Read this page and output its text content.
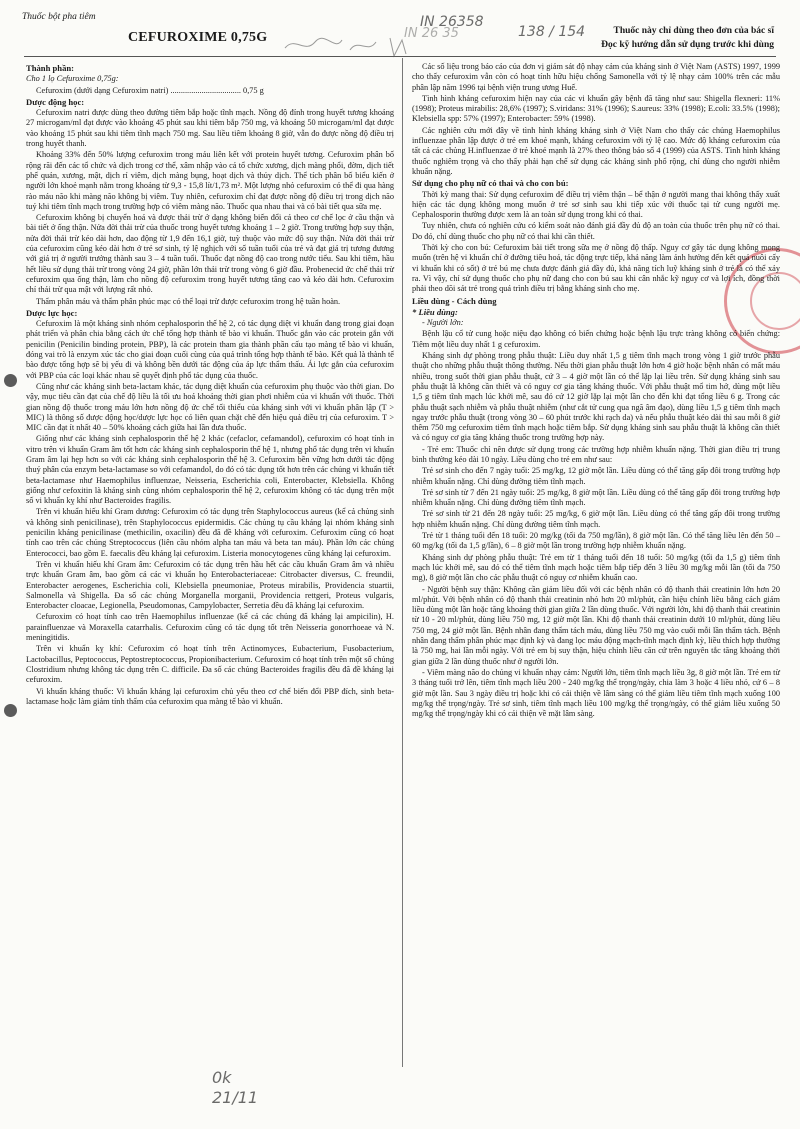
Thuốc bột pha tiêm
CEFUROXIME 0,75G	Thuốc này chỉ dùng theo đơn của bác sĩ
Đọc kỹ hướng dẫn sử dụng trước khi dùng
IN 26358
IN 26 35	138 / 154
0k 21/11
Thành phần:

Cho 1 lọ Cefuroxime 0,75g:

Cefuroxim (dưới dạng Cefuroxim natri) .................................. 0,75 g

Dược động học:

Cefuroxim natri được dùng theo đường tiêm bắp hoặc tĩnh mạch. Nồng độ đỉnh trong huyết tương khoảng 27 microgam/ml đạt được vào khoảng 45 phút sau khi tiêm bắp 750 mg, và khoảng 50 microgam/ml đạt được vào khoảng 15 phút sau khi tiêm tĩnh mạch 750 mg. Sau liều tiêm khoảng 8 giờ, vẫn đo được nồng độ điều trị trong huyết thanh.

Khoảng 33% đến 50% lượng cefuroxim trong máu liên kết với protein huyết tương. Cefuroxim phân bố rộng rãi đến các tổ chức và dịch trong cơ thể, xâm nhập vào cả tổ chức xương, dịch màng phổi, đờm, dịch tiết phế quản, xương, mật, dịch rỉ viêm, dịch màng bụng, hoạt dịch và thủy dịch. Thể tích phân bố biểu kiến ở người lớn khoẻ mạnh nằm trong khoảng từ 9,3 - 15,8 lít/1,73 m². Một lượng nhỏ cefuroxim có thể đi qua hàng rào máu não khi màng não không bị viêm. Tuy nhiên, cefuroxim chỉ đạt được nồng độ điều trị trong dịch não tuỷ khi tiêm tĩnh mạch trong trường hợp có viêm màng não. Thuốc qua nhau thai và có bài tiết qua sữa mẹ.

Cefuroxim không bị chuyển hoá và được thải trừ ở dạng không biến đổi cả theo cơ chế lọc ở cầu thận và bài tiết ở ống thận. Nửa đời thải trừ của thuốc trong huyết tương khoảng 1 – 2 giờ. Trong trường hợp suy thận, nửa đời thải trừ kéo dài hơn, dao động từ 1,9 đến 16,1 giờ, tuỳ thuộc vào mức độ suy thận. Nửa đời thải trừ của cefuroxim cũng kéo dài hơn ở trẻ sơ sinh, tỷ lệ nghịch với số tuần tuổi của trẻ và đạt giá trị tương đương với giá trị ở người trưởng thành sau 3 – 4 tuần tuổi. Thuốc đạt nồng độ cao trong nước tiểu. Sau khi tiêm, hầu hết liều sử dụng thải trừ trong vòng 24 giờ, phần lớn thải trừ trong vòng 6 giờ đầu. Probenecid ức chế thải trừ cefuroxim qua ống thận, làm cho nồng độ cefuroxim trong huyết tương tăng cao và kéo dài hơn. Cefuroxim chỉ thải trừ qua mật với lượng rất nhỏ.

Thẩm phân máu và thẩm phân phúc mạc có thể loại trừ được cefuroxim trong hệ tuần hoàn.

Dược lực học:

Cefuroxim là một kháng sinh nhóm cephalosporin thế hệ 2, có tác dụng diệt vi khuẩn đang trong giai đoạn phát triển và phân chia bằng cách ức chế tổng hợp thành tế bào vi khuẩn. Thuốc gắn vào các protein gắn với penicilin (Penicilin binding protein, PBP), là các protein tham gia thành phần cấu tạo màng tế bào vi khuẩn, đóng vai trò là enzym xúc tác cho giai đoạn cuối cùng của quá trình tổng hợp thành tế bào. Kết quả là thành tế bào được tổng hợp sẽ bị yếu đi và không bền dưới tác động của áp lực thẩm thấu. Ái lực gắn của cefuroxim với PBP của các loại khác nhau sẽ quyết định phổ tác dụng của thuốc.

Cũng như các kháng sinh beta-lactam khác, tác dụng diệt khuẩn của cefuroxim phụ thuộc vào thời gian. Do vậy, mục tiêu cần đạt của chế độ liều là tối ưu hoá khoảng thời gian phơi nhiễm của vi khuẩn với thuốc. Thời gian nồng độ thuốc trong máu lớn hơn nồng độ ức chế tối thiểu của kháng sinh với vi khuẩn phân lập (T > MIC) là thông số được động học/dược lực học có liên quan chặt chẽ đến hiệu quả điều trị của cefuroxim. T > MIC cần đạt ít nhất 40 – 50% khoảng cách giữa hai lần đưa thuốc.

Giống như các kháng sinh cephalosporin thế hệ 2 khác (cefaclor, cefamandol), cefuroxim có hoạt tính in vitro trên vi khuẩn Gram âm tốt hơn các kháng sinh cephalosporin thế hệ 1, nhưng phổ tác dụng trên vi khuẩn Gram âm lại hẹp hơn so với các kháng sinh cephalosporin thế hệ 3. Cefuroxim bền vững hơn dưới tác động thuỷ phân của enzym beta-lactamase so với cefamandol, do đó có tác dụng tốt hơn trên các chủng vi khuẩn tiết beta-lactamase như Haemophilus influenzae, Neisseria, Escherichia coli, Enterobacter, Klebsiella. Không giống như cefoxitin là kháng sinh cùng nhóm cephalosporin thế hệ 2, cefuroxim không có tác dụng trên một số vi khuẩn kỵ khí như Bacteroides fragilis.

Trên vi khuẩn hiếu khí Gram dương: Cefuroxim có tác dụng trên Staphylococcus aureus (kể cả chủng sinh và không sinh penicilinase), trên Staphylococcus epidermidis. Các chủng tụ cầu kháng lại nhóm kháng sinh penicilin kháng penicilinase (methicilin, oxacilin) đều đã đề kháng với cefuroxim. Cefuroxim cũng có hoạt tính cao trên các chủng Streptococcus (liên cầu nhóm alpha tan máu và beta tan máu). Phần lớn các chủng Enterococci, bao gồm E. faecalis đều kháng lại cefuroxim. Listeria monocytogenes cũng kháng lại cefuroxim.

Trên vi khuẩn hiếu khí Gram âm: Cefuroxim có tác dụng trên hầu hết các cầu khuẩn Gram âm và nhiều trực khuẩn Gram âm, bao gồm cả các vi khuẩn họ Enterobacteriaceae: Citrobacter diversus, C. freundii, Enterobacter aerogenes, Escherichia coli, Klebsiella pneumoniae, Proteus mirabilis, Providencia stuartii, Salmonella và Shigella. Đa số các chủng Morganella morganii, Providencia rettgeri, Proteus vulgaris, Enterobacter cloacae, Legionella, Pseudomonas, Campylobacter, Serretia đều đã kháng lại cefuroxim.

Cefuroxim có hoạt tính cao trên Haemophilus influenzae (kể cả các chủng đã kháng lại ampicilin), H. parainfluenzae và Moraxella catarrhalis. Cefuroxim cũng có tác dụng tốt trên Neisseria gonorrhoeae và N. meningitidis.

Trên vi khuẩn kỵ khí: Cefuroxim có hoạt tính trên Actinomyces, Eubacterium, Fusobacterium, Lactobacillus, Peptococcus, Peptostreptococcus, Propionibacterium. Cefuroxim có hoạt tính trên một số chủng Clostridium nhưng không tác dụng trên C. difficile. Đa số các chủng Bacteroides fragilis đều đã đề kháng lại cefuroxim.

Vi khuẩn kháng thuốc: Vi khuẩn kháng lại cefuroxim chủ yếu theo cơ chế biến đổi PBP đích, sinh beta-lactamase hoặc làm giảm tính thấm của cefuroxim qua màng tế bào vi khuẩn.

Các số liệu trong báo cáo của đơn vị giám sát độ nhạy cảm của kháng sinh ở Việt Nam (ASTS) 1997, 1999 cho thấy cefuroxim vẫn còn có hoạt tính hữu hiệu chống Samonella với tỷ lệ nhạy cảm 100% trên các mẫu phân lập năm 1996 tại bệnh viện trung ương Huế.

Tình hình kháng cefuroxim hiện nay của các vi khuẩn gây bệnh đã tăng như sau: Shigella flexneri: 11% (1998); Proteus mirabilis: 28,6% (1997); S.viridans: 31% (1996); S.aureus: 33% (1998); E.coli: 33.5% (1998); Klebsiella spp: 57% (1997); Enterobacter: 59% (1998).

Các nghiên cứu mới đây về tình hình kháng kháng sinh ở Việt Nam cho thấy các chủng Haemophilus influenzae phân lập được ở trẻ em khoẻ mạnh, kháng cefuroxim với tỷ lệ cao. Mức độ kháng cefuroxim của tất cả các chủng H.influenzae ở trẻ khoẻ mạnh là 27% theo thông báo số 4 (1999) của ASTS. Tình hình kháng thuốc nghiêm trọng và cho thấy phải hạn chế sử dụng các kháng sinh phổ rộng, chỉ dùng cho người nhiễm khuẩn nặng.

Sử dụng cho phụ nữ có thai và cho con bú:

Thời kỳ mang thai: Sử dụng cefuroxim để điều trị viêm thận – bể thận ở người mang thai không thấy xuất hiện các tác dụng không mong muốn ở trẻ sơ sinh sau khi tiếp xúc với thuốc tại tử cung người mẹ. Cephalosporin thường được xem là an toàn sử dụng trong khi có thai.

Tuy nhiên, chưa có nghiên cứu có kiểm soát nào đánh giá đầy đủ độ an toàn của thuốc trên phụ nữ có thai. Do đó, chỉ dùng thuốc cho phụ nữ có thai khi cần thiết.

Thời kỳ cho con bú: Cefuroxim bài tiết trong sữa mẹ ở nồng độ thấp. Nguy cơ gây tác dụng không mong muốn (trên hệ vi khuẩn chí ở đường tiêu hoá, tác động trực tiếp, khả năng làm ảnh hưởng đến kết quả nuôi cấy vi khuẩn khi có sốt) ở trẻ bú mẹ chưa được đánh giá đầy đủ, khả năng tích luỹ kháng sinh ở trẻ là có thể xảy ra. Vì vậy, chỉ sử dụng thuốc cho phụ nữ đang cho con bú sau khi cân nhắc kỹ nguy cơ và lợi ích, đồng thời phải theo dõi sát trẻ trong quá trình điều trị bằng kháng sinh cho mẹ.

Liều dùng - Cách dùng
* Liều dùng:

- Người lớn:

Bệnh lậu cổ tử cung hoặc niệu đạo không có biến chứng hoặc bệnh lậu trực tràng không có biến chứng: Tiêm một liều duy nhất 1 g cefuroxim.

Kháng sinh dự phòng trong phẫu thuật: Liều duy nhất 1,5 g tiêm tĩnh mạch trong vòng 1 giờ trước phẫu thuật cho những phẫu thuật thông thường. Nếu thời gian phẫu thuật lớn hơn 4 giờ hoặc bệnh nhân có mất máu nhiều, trong suốt thời gian phẫu thuật, cứ 3 – 4 giờ một lần có thể lặp lại liều trên. Sử dụng kháng sinh sau phẫu thuật là không cần thiết và có nguy cơ gia tăng kháng thuốc. Với phẫu thuật mổ tim hở, dùng một liều 1,5 g tiêm tĩnh mạch lúc khởi mê, sau đó cứ 12 giờ lặp lại một lần cho đến khi đạt tổng liều 6 g. Trong các phẫu thuật sạch nhiễm và phẫu thuật nhiễm (như cắt tử cung qua ngã âm đạo), dùng liều 1,5 g tiêm tĩnh mạch ngay trước phẫu thuật (trong vòng 30 – 60 phút trước khi rạch da) và nếu phẫu thuật kéo dài thì sau mỗi 8 giờ thêm 750 mg cefuroxim tiêm tĩnh mạch hoặc tiêm bắp. Sử dụng kháng sinh sau phẫu thuật là không cần thiết và có nguy cơ gia tăng kháng thuốc trong trường hợp này.

- Trẻ em: Thuốc chỉ nên được sử dụng trong các trường hợp nhiễm khuẩn nặng. Thời gian điều trị trung bình thường kéo dài 10 ngày. Liều dùng cho trẻ em như sau:

Trẻ sơ sinh cho đến 7 ngày tuổi: 25 mg/kg, 12 giờ một lần. Liều dùng có thể tăng gấp đôi trong trường hợp nhiễm khuẩn nặng. Chỉ dùng đường tiêm tĩnh mạch.

Trẻ sơ sinh từ 7 đến 21 ngày tuổi: 25 mg/kg, 8 giờ một lần. Liều dùng có thể tăng gấp đôi trong trường hợp nhiễm khuẩn nặng. Chỉ dùng đường tiêm tĩnh mạch.

Trẻ sơ sinh từ 21 đến 28 ngày tuổi: 25 mg/kg, 6 giờ một lần. Liều dùng có thể tăng gấp đôi trong trường hợp nhiễm khuẩn nặng. Chỉ dùng đường tiêm tĩnh mạch.

Trẻ từ 1 tháng tuổi đến 18 tuổi: 20 mg/kg (tối đa 750 mg/lần), 8 giờ một lần. Có thể tăng liều lên đến 50 – 60 mg/kg (tối đa 1,5 g/lần), 6 – 8 giờ một lần trong trường hợp nhiễm khuẩn nặng.

Kháng sinh dự phòng phẫu thuật: Trẻ em từ 1 tháng tuổi đến 18 tuổi: 50 mg/kg (tối đa 1,5 g) tiêm tĩnh mạch lúc khởi mê, sau đó có thể tiêm tĩnh mạch hoặc tiêm bắp tiếp đến 3 liều 30 mg/kg mỗi lần (tối đa 750 mg), 8 giờ một lần cho các phẫu thuật có nguy cơ nhiễm khuẩn cao.

- Người bệnh suy thận: Không cần giảm liều đối với các bệnh nhân có độ thanh thải creatinin lớn hơn 20 ml/phút. Với bệnh nhân có độ thanh thải creatinin nhỏ hơn 20 ml/phút, cần hiệu chỉnh liều bằng cách giảm liều dùng một lần hoặc tăng khoảng thời gian giữa 2 lần dùng thuốc. Với người lớn, khi độ thanh thải creatinin từ 10 - 20 ml/phút, dùng liều 750 mg, 12 giờ một lần. Khi độ thanh thải creatinin dưới 10 ml/phút, dùng liều 750 mg, 24 giờ một lần. Bệnh nhân đang thẩm tách máu, dùng liều 750 mg vào cuối mỗi lần thẩm tách. Bệnh nhân đang thẩm phân phúc mạc định kỳ và đang lọc máu động mạch-tĩnh mạch định kỳ, liều thích hợp thường là 750 mg, hai lần mỗi ngày. Với trẻ em bị suy thận, hiệu chỉnh liều căn cứ trên nguyên tắc tăng khoảng thời gian giữa 2 lần dùng thuốc như ở người lớn.

- Viêm màng não do chủng vi khuẩn nhạy cảm: Người lớn, tiêm tĩnh mạch liều 3g, 8 giờ một lần. Trẻ em từ 3 tháng tuổi trở lên, tiêm tĩnh mạch liều 200 - 240 mg/kg thể trọng/ngày, chia làm 3 hoặc 4 liều nhỏ, cứ 6 – 8 giờ một lần. Sau 3 ngày điều trị hoặc khi có cải thiện về lâm sàng có thể giảm liều tiêm tĩnh mạch xuống 100 mg/kg thể trọng/ngày. Trẻ sơ sinh, tiêm tĩnh mạch liều 100 mg/kg thể trọng/ngày, có thể giảm liều xuống 50 mg/kg thể trọng/ngày khi có cải thiện về mặt lâm sàng.
